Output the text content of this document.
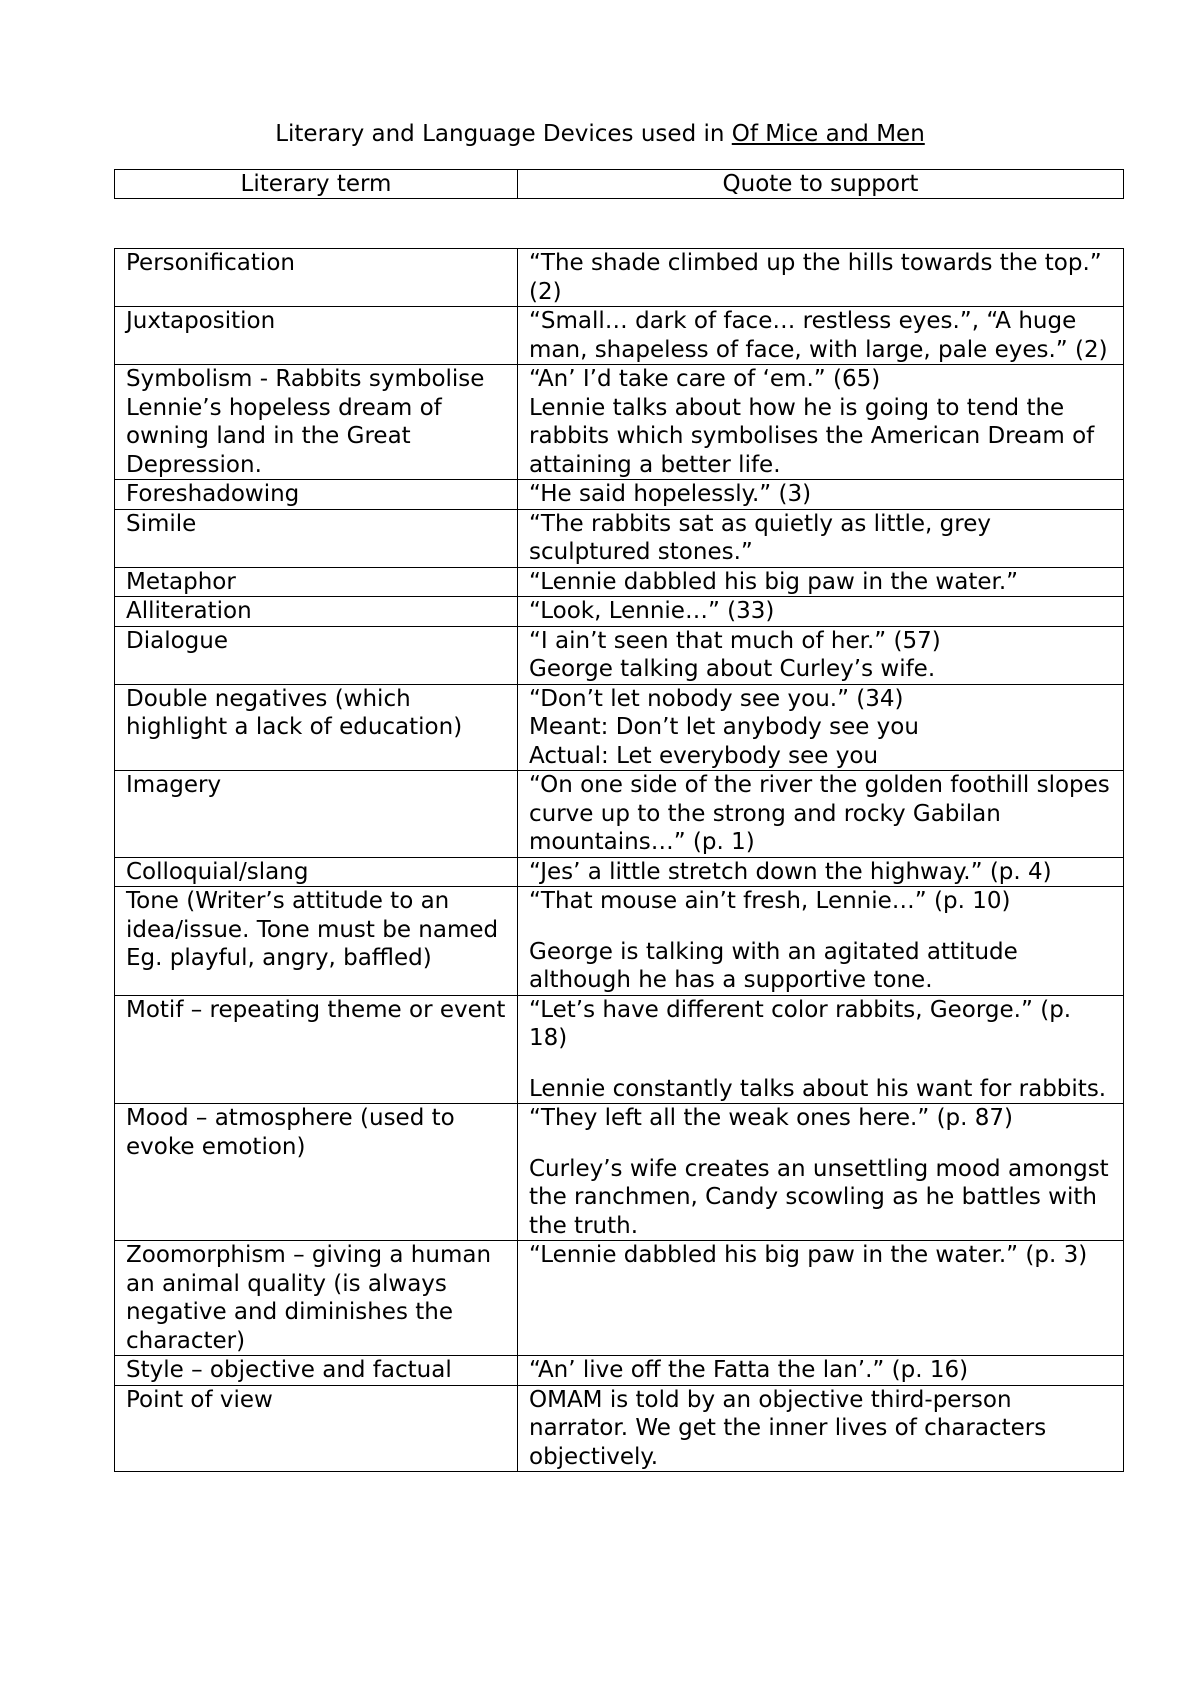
Literary and Language Devices used in Of Mice and Men
Literary term	Quote to support
Personification	“The shade climbed up the hills towards the top.” (2)

Juxtaposition	“Small… dark of face… restless eyes.”, “A huge man, shapeless of face, with large, pale eyes.” (2)

Symbolism - Rabbits symbolise Lennie’s hopeless dream of owning land in the Great Depression.	“An’ I’d take care of ‘em.” (65)
Lennie talks about how he is going to tend the rabbits which symbolises the American Dream of attaining a better life.

Foreshadowing	“He said hopelessly.” (3)

Simile	“The rabbits sat as quietly as little, grey sculptured stones.”

Metaphor	“Lennie dabbled his big paw in the water.”

Alliteration	“Look, Lennie…” (33)

Dialogue	“I ain’t seen that much of her.” (57)
George talking about Curley’s wife.

Double negatives (which highlight a lack of education)	“Don’t let nobody see you.” (34)
Meant: Don’t let anybody see you
Actual: Let everybody see you

Imagery	“On one side of the river the golden foothill slopes curve up to the strong and rocky Gabilan mountains…” (p. 1)

Colloquial/slang	“Jes’ a little stretch down the highway.” (p. 4)

Tone (Writer’s attitude to an idea/issue. Tone must be named Eg. playful, angry, baffled)	“That mouse ain’t fresh, Lennie…” (p. 10)
George is talking with an agitated attitude although he has a supportive tone.

Motif – repeating theme or event	“Let’s have different color rabbits, George.” (p. 18)
Lennie constantly talks about his want for rabbits.

Mood – atmosphere (used to evoke emotion)	“They left all the weak ones here.” (p. 87)
Curley’s wife creates an unsettling mood amongst the ranchmen, Candy scowling as he battles with the truth.

Zoomorphism – giving a human an animal quality (is always negative and diminishes the character)	“Lennie dabbled his big paw in the water.” (p. 3)

Style – objective and factual	“An’ live off the Fatta the lan’.” (p. 16)

Point of view	OMAM is told by an objective third-person narrator. We get the inner lives of characters objectively.
